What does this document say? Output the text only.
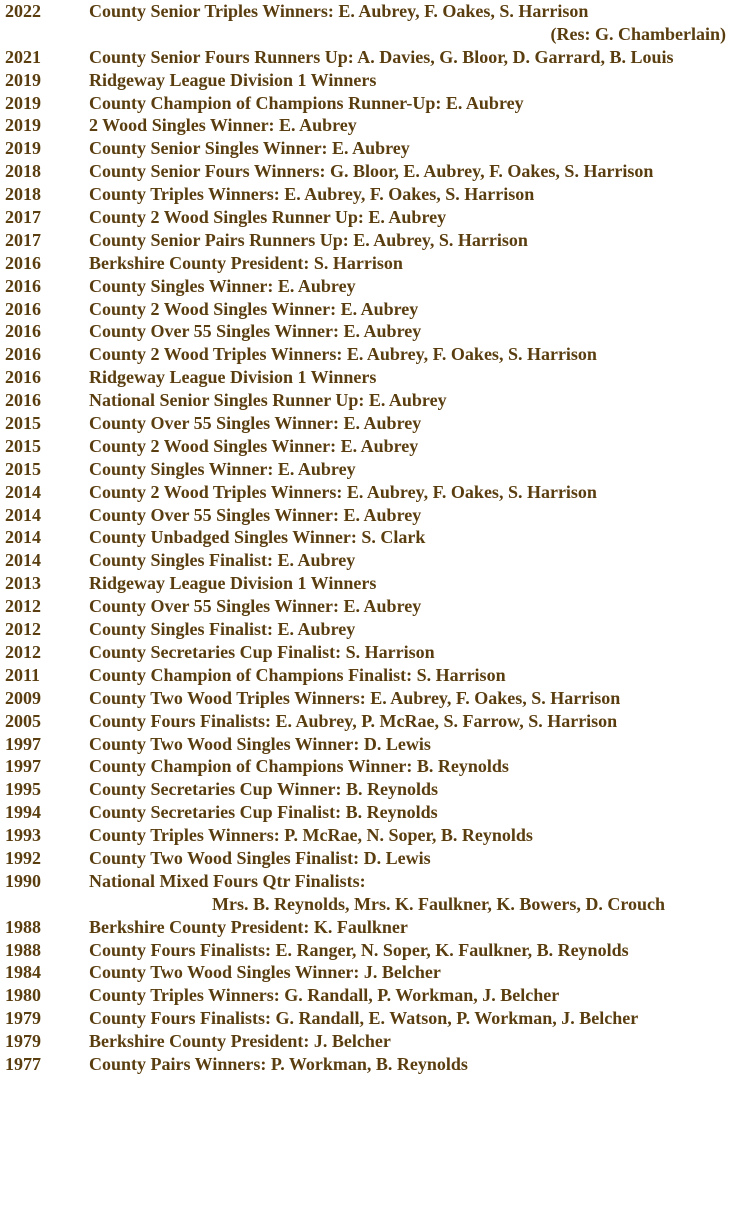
2022	County Senior Triples Winners: E. Aubrey, F. Oakes, S. Harrison
(Res: G. Chamberlain)
2021	County Senior Fours Runners Up: A. Davies, G. Bloor, D. Garrard, B. Louis
2019	Ridgeway League Division 1 Winners
2019	County Champion of Champions Runner-Up: E. Aubrey
2019	2 Wood Singles Winner: E. Aubrey
2019	County Senior Singles Winner: E. Aubrey
2018	County Senior Fours Winners: G. Bloor, E. Aubrey, F. Oakes, S. Harrison
2018	County Triples Winners: E. Aubrey, F. Oakes, S. Harrison
2017	County 2 Wood Singles Runner Up: E. Aubrey
2017	County Senior Pairs Runners Up: E. Aubrey, S. Harrison
2016	Berkshire County President: S. Harrison
2016	County Singles Winner: E. Aubrey
2016	County 2 Wood Singles Winner: E. Aubrey
2016	County Over 55 Singles Winner: E. Aubrey
2016	County 2 Wood Triples Winners: E. Aubrey, F. Oakes, S. Harrison
2016	Ridgeway League Division 1 Winners
2016	National Senior Singles Runner Up: E. Aubrey
2015	County Over 55 Singles Winner: E. Aubrey
2015	County 2 Wood Singles Winner: E. Aubrey
2015	County Singles Winner: E. Aubrey
2014	County 2 Wood Triples Winners: E. Aubrey, F. Oakes, S. Harrison
2014	County Over 55 Singles Winner: E. Aubrey
2014	County Unbadged Singles Winner: S. Clark
2014	County Singles Finalist: E. Aubrey
2013	Ridgeway League Division 1 Winners
2012	County Over 55 Singles Winner: E. Aubrey
2012	County Singles Finalist: E. Aubrey
2012	County Secretaries Cup Finalist: S. Harrison
2011	County Champion of Champions Finalist: S. Harrison
2009	County Two Wood Triples Winners: E. Aubrey, F. Oakes, S. Harrison
2005	County Fours Finalists: E. Aubrey, P. McRae, S. Farrow, S. Harrison
1997	County Two Wood Singles Winner: D. Lewis
1997	County Champion of Champions Winner: B. Reynolds
1995	County Secretaries Cup Winner: B. Reynolds
1994	County Secretaries Cup Finalist: B. Reynolds
1993	County Triples Winners: P. McRae, N. Soper, B. Reynolds
1992	County Two Wood Singles Finalist: D. Lewis
1990	National Mixed Fours Qtr Finalists:
Mrs. B. Reynolds, Mrs. K. Faulkner, K. Bowers, D. Crouch
1988	Berkshire County President: K. Faulkner
1988	County Fours Finalists: E. Ranger, N. Soper, K. Faulkner, B. Reynolds
1984	County Two Wood Singles Winner: J. Belcher
1980	County Triples Winners: G. Randall, P. Workman, J. Belcher
1979	County Fours Finalists: G. Randall, E. Watson, P. Workman, J. Belcher
1979	Berkshire County President: J. Belcher
1977	County Pairs Winners: P. Workman, B. Reynolds
